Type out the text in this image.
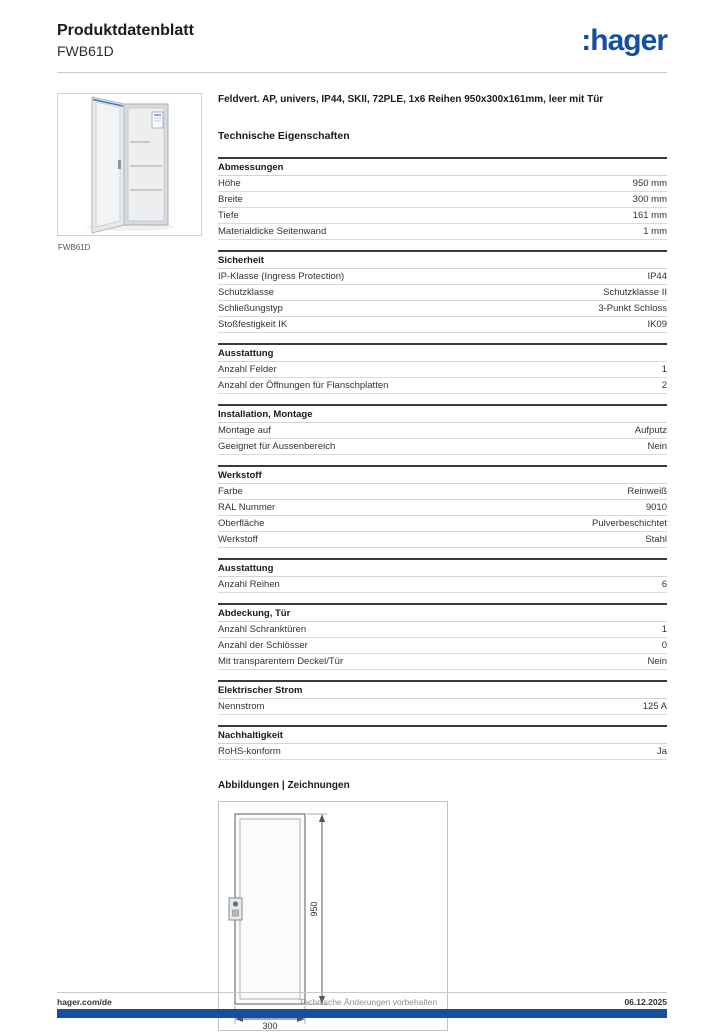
Produktdatenblatt
FWB61D	:hager
FWB61D
Feldvert. AP, univers, IP44, SKII, 72PLE, 1x6 Reihen 950x300x161mm, leer mit Tür
Technische Eigenschaften
Abmessungen
Höhe	950 mm
Breite	300 mm
Tiefe	161 mm
Materialdicke Seitenwand	1 mm
Sicherheit
IP-Klasse (Ingress Protection)	IP44
Schutzklasse	Schutzklasse II
Schließungstyp	3-Punkt Schloss
Stoßfestigkeit IK	IK09
Ausstattung
Anzahl Felder	1
Anzahl der Öffnungen für Flanschplatten	2
Installation, Montage
Montage auf	Aufputz
Geeignet für Aussenbereich	Nein
Werkstoff
Farbe	Reinweiß
RAL Nummer	9010
Oberfläche	Pulverbeschichtet
Werkstoff	Stahl
Ausstattung
Anzahl Reihen	6
Abdeckung, Tür
Anzahl Schranktüren	1
Anzahl der Schlösser	0
Mit transparentem Deckel/Tür	Nein
Elektrischer Strom
Nennstrom	125 A
Nachhaltigkeit
RoHS-konform	Ja
Abbildungen | Zeichnungen
950
300
hager.com/de	Technische Änderungen vorbehalten	06.12.2025
